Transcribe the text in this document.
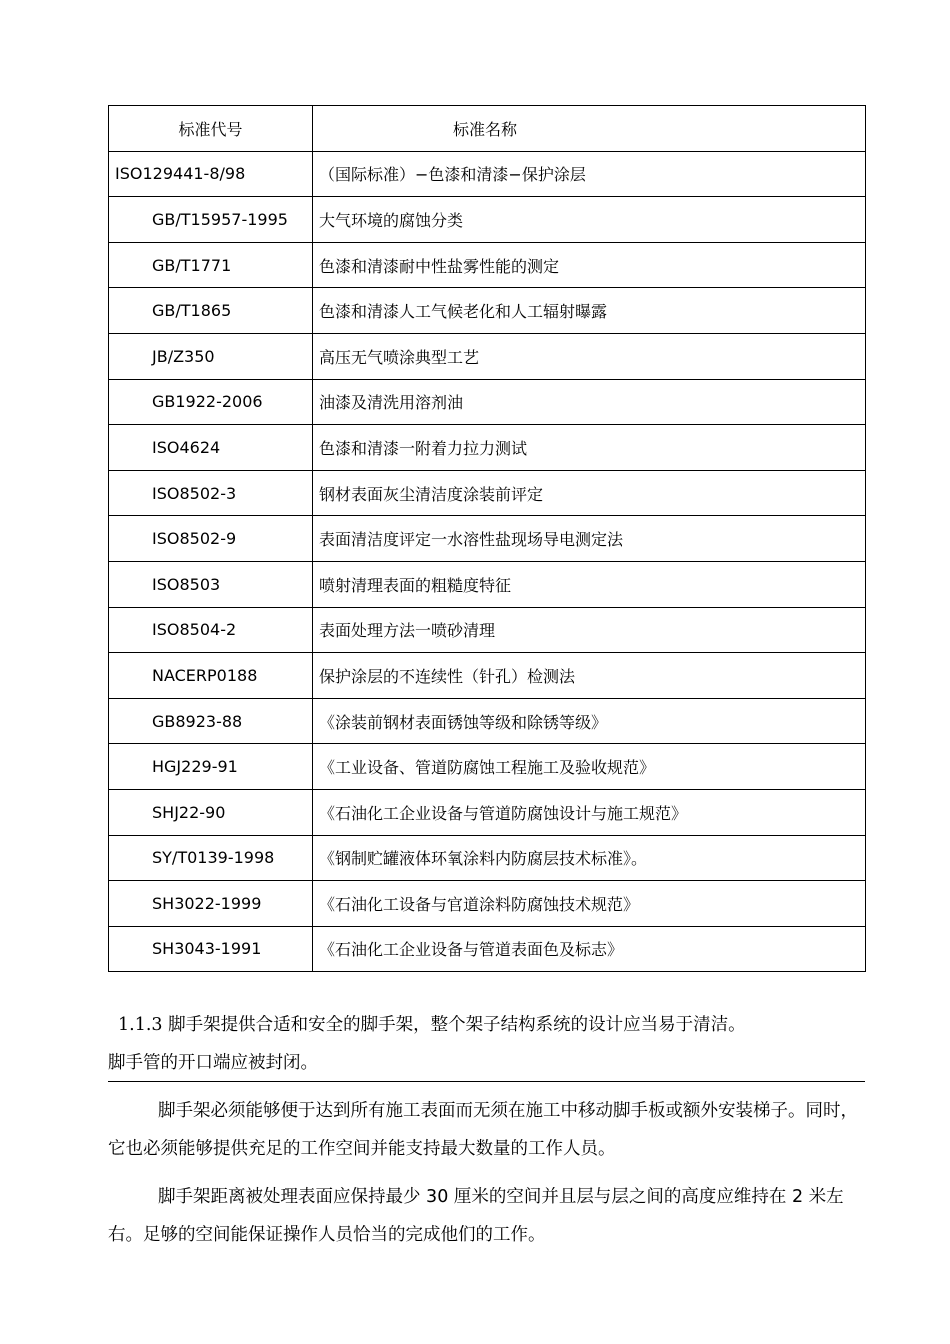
标准代号	标准名称
ISO129441-8/98	（国际标准）−色漆和清漆−保护涂层
GB/T15957-1995	大气环境的腐蚀分类
GB/T1771	色漆和清漆耐中性盐雾性能的测定
GB/T1865	色漆和清漆人工气候老化和人工辐射曝露
JB/Z350	高压无气喷涂典型工艺
GB1922-2006	油漆及清洗用溶剂油
ISO4624	色漆和清漆一附着力拉力测试
ISO8502-3	钢材表面灰尘清洁度涂装前评定
ISO8502-9	表面清洁度评定一水溶性盐现场导电测定法
ISO8503	喷射清理表面的粗糙度特征
ISO8504-2	表面处理方法一喷砂清理
NACERP0188	保护涂层的不连续性（针孔）检测法
GB8923-88	《涂装前钢材表面锈蚀等级和除锈等级》
HGJ229-91	《工业设备、管道防腐蚀工程施工及验收规范》
SHJ22-90	《石油化工企业设备与管道防腐蚀设计与施工规范》
SY/T0139-1998	《钢制贮罐液体环氧涂料内防腐层技术标准》。
SH3022-1999	《石油化工设备与官道涂料防腐蚀技术规范》
SH3043-1991	《石油化工企业设备与管道表面色及标志》

1.1.3 脚手架提供合适和安全的脚手架，整个架子结构系统的设计应当易于清洁。
脚手管的开口端应被封闭。

脚手架必须能够便于达到所有施工表面而无须在施工中移动脚手板或额外安装梯子。同时，它也必须能够提供充足的工作空间并能支持最大数量的工作人员。

脚手架距离被处理表面应保持最少 30 厘米的空间并且层与层之间的高度应维持在 2 米左右。足够的空间能保证操作人员恰当的完成他们的工作。
